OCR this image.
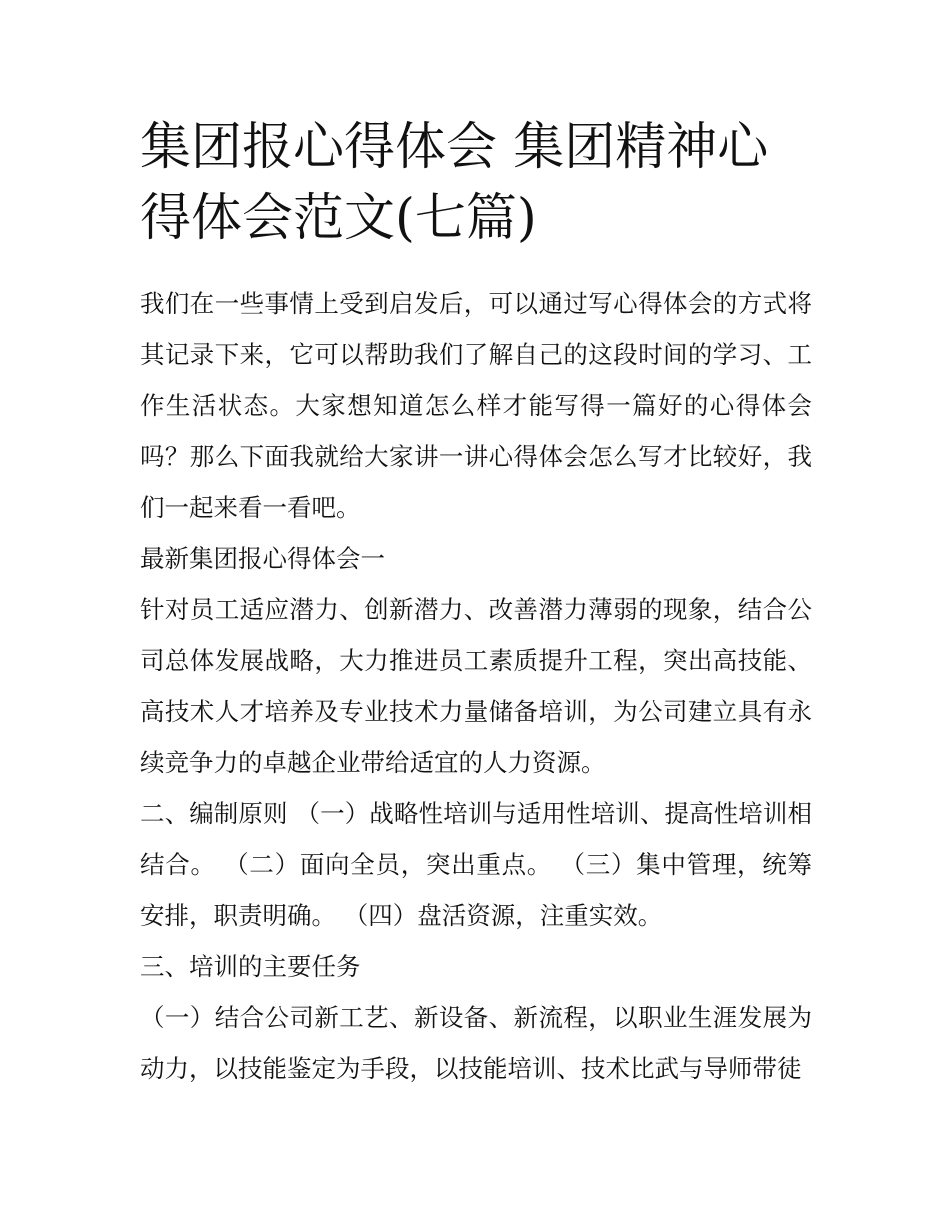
集团报心得体会 集团精神心得体会范文(七篇)

我们在一些事情上受到启发后，可以通过写心得体会的方式将其记录下来，它可以帮助我们了解自己的这段时间的学习、工作生活状态。大家想知道怎么样才能写得一篇好的心得体会吗？那么下面我就给大家讲一讲心得体会怎么写才比较好，我们一起来看一看吧。

最新集团报心得体会一

针对员工适应潜力、创新潜力、改善潜力薄弱的现象，结合公司总体发展战略，大力推进员工素质提升工程，突出高技能、高技术人才培养及专业技术力量储备培训，为公司建立具有永续竞争力的卓越企业带给适宜的人力资源。

二、编制原则 （一）战略性培训与适用性培训、提高性培训相结合。 （二）面向全员，突出重点。 （三）集中管理，统筹安排，职责明确。 （四）盘活资源，注重实效。

三、培训的主要任务

（一）结合公司新工艺、新设备、新流程，以职业生涯发展为动力，以技能鉴定为手段，以技能培训、技术比武与导师带徒
